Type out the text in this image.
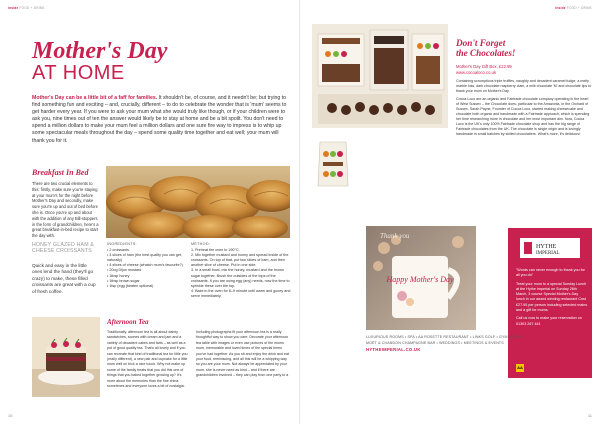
inside FOOD + DRINK
Mother's Day
AT HOME
Mother's Day can be a little bit of a faff for families. It shouldn't be, of course, and it needn't be; but trying to find something fun and exciting – and, crucially, different – to do to celebrate the wonder that is 'mum' seems to get harder every year. If you were to ask your mum what she would truly like though, or if your children were to ask you, nine times out of ten the answer would likely be to stay at home and be a bit spoilt. You don't need to spend a million dollars to make your mum feel a million dollars and one sure fire way to impress is to whip up some spectacular meals throughout the day – spend some quality time together and eat well; your mum will thank you for it.
Breakfast In Bed
There are two crucial elements to this: firstly, make sure you're staying at your mum's for the night before Mother's Day and secondly, make sure you're up and out of bed before she is. Once you're up and about with the addition of any Bill-stoppers in the form of grandchildren, here's a great breakfast-in-bed recipe to start the day with.
HONEY GLAZED HAM & CHEESE CROISSANTS
Quick and easy in the little ones lend the hand (they'll go crazy) to make, these filled croissants are great with a cup of fresh coffee.
INGREDIENTS:
• 2 croissants
• 4 slices of ham (the best quality you can get, naturally)
• 4 slices of cheese (whatch mum's favourite?)
• 20og Dijon mustard
• 1tbsp honey
• 1tbsp brown sugar
• 1tsp (egg (beaten optional)
METHOD:
1. Preheat the oven to 190°C.
2. Mix together mustard and honey and spread inside of the croissants. On top of that, put two slices of ham, and then another slice of cheese. Put in one side.
3. In a small bowl, mix the honey, mustard and the brown sugar together. Brush the outsides of the tops of the croissants. If you are using egg (any) needs, now the time to sprinkle these over the top.
4. Bake in the oven for 8–9 minute until warm and gooey and serve immediately.
Afternoon Tea
Traditionally, afternoon tea is all about dainty sandwiches, scones with cream and jam and a variety of decadent cakes and tarts – as well as a pot of good quality tea. That's all lovely and if you can recreate that kind of traditional tea for little you (really different), a new pair and cupcake for a little mum well on trick a nice touch. Why not make up some of the family treats that you did this one of things that you baked together growing up? It's more about the memories than the fine china sometimes and everyone loves a bit of nostalgia.
Including photographs fit your afternoon tea is a really thoughtful way to show you care. Decorate your afternoon tea table with images or even use pictures of the mums mum, memorable and loved times of the special times you've had together. As you sit and enjoy the drink and eat your food, reminiscing, and all this will be a whipping way so you are your mum. Not always be appreciated by your mum, she is never need as kind – and if there are grandchildren involved – they can play from one party to a
10
inside FOOD + DRINK
Don't Forget
the Chocolates!
Mother's Day Gift Box, £22.99
www.cocoaloco.co.uk

Containing scrumptious triple truffles, naughty and decadent caramel fudge, a melty marble kiss, dark chocolate raspberry clam, a milk chocolate 'M' and chocolate lips to thank your mum on Mother's Day.

Cocoa Loco are an organic and Fairtrade chocolate company operating in the heart of West Sussex – the Chocolate does, particular to the Amazonia, in the Orchard of Sussex. Sarah Payne, Founder of Cocoa Loco, started making cheesecake and chocolate both organic and handmade with a Fairtrade approach, which is spending her time researching more in chocolate and her most important aim. Now, Cocoa Loco is the UK's only 100% Fairtrade chocolate shop and has the big range of Fairtrade chocolates from the UK. The chocolate is single origin and is lovingly handmade in small batches by skilled chocolatiers. What's more, it's delicious!

Happy Mother's Day
Thank you
HYTHE
IMPERIAL

"Words can never enough to thank you for all you do"

Treat your mum to a special Sunday Lunch at the Hythe Imperial on Sunday 26th March, 3 course Special Mother's Day lunch in our award winning restaurant Cost £27.95 per person including selected mains and a gift for mums.

Call us now to make your reservation on 01303 267 441

AA
LUXURIOUS ROOMS • SPA • AA ROSETTE RESTAURANT • LINKS GOLF • GYM & POOL
MOËT & CHANDON CHAMPAGNE BAR • WEDDINGS • MEETINGS & EVENTS
HYTHEIMPERIAL.CO.UK
11
